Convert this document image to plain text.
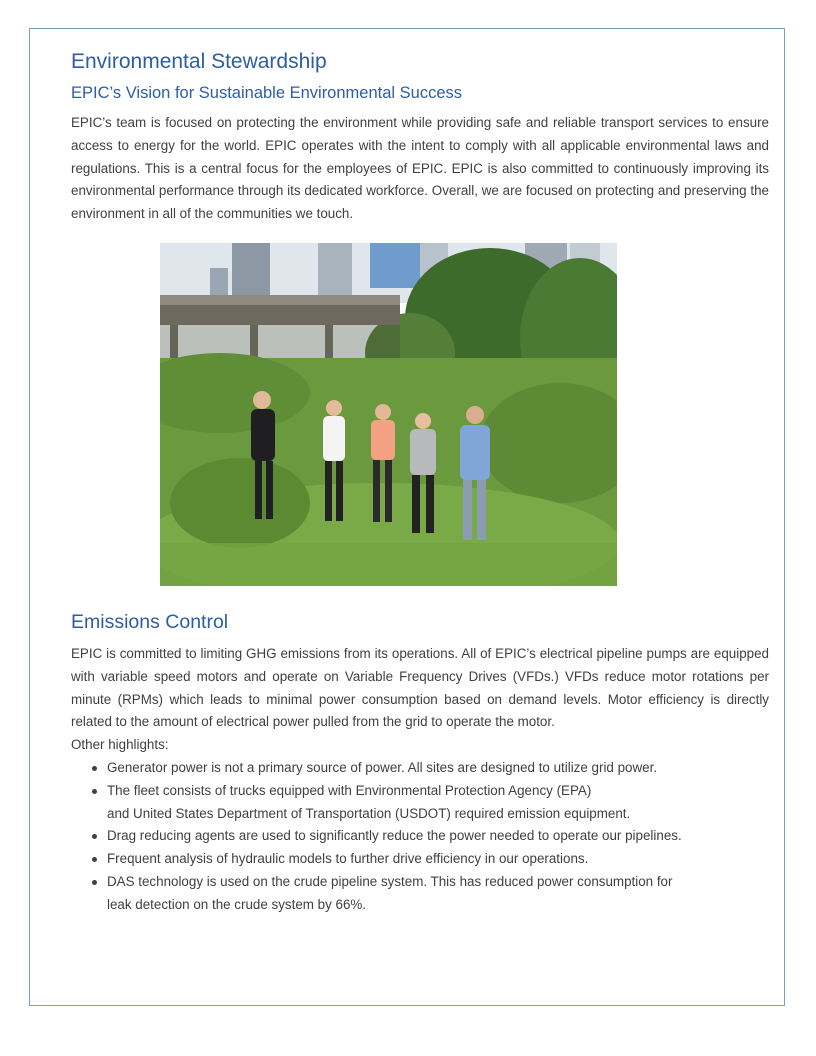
Environmental Stewardship
EPIC’s Vision for Sustainable Environmental Success

EPIC’s team is focused on protecting the environment while providing safe and reliable transport services to ensure access to energy for the world. EPIC operates with the intent to comply with all applicable environmental laws and regulations. This is a central focus for the employees of EPIC. EPIC is also committed to continuously improving its environmental performance through its dedicated workforce. Overall, we are focused on protecting and preserving the environment in all of the communities we touch.

Emissions Control

EPIC is committed to limiting GHG emissions from its operations. All of EPIC’s electrical pipeline pumps are equipped with variable speed motors and operate on Variable Frequency Drives (VFDs.) VFDs reduce motor rotations per minute (RPMs) which leads to minimal power consumption based on demand levels. Motor efficiency is directly related to the amount of electrical power pulled from the grid to operate the motor.
Other highlights:

Generator power is not a primary source of power. All sites are designed to utilize grid power.
The fleet consists of trucks equipped with Environmental Protection Agency (EPA)
and United States Department of Transportation (USDOT) required emission equipment.
Drag reducing agents are used to significantly reduce the power needed to operate our pipelines.
Frequent analysis of hydraulic models to further drive efficiency in our operations.
DAS technology is used on the crude pipeline system. This has reduced power consumption for
leak detection on the crude system by 66%.
